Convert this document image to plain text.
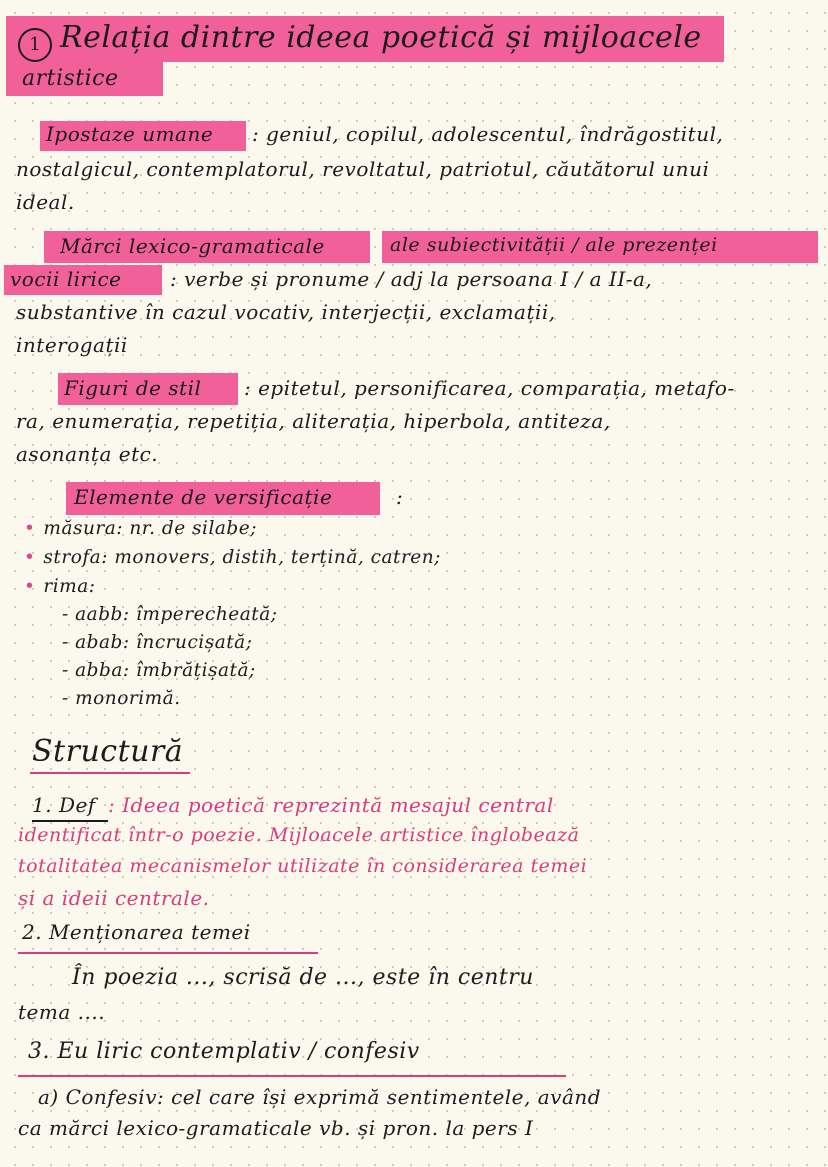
1 Relația dintre ideea poetică și mijloacele
artistice
Ipostaze umane : geniul, copilul, adolescentul, îndrăgostitul,
nostalgicul, contemplatorul, revoltatul, patriotul, căutătorul unui
ideal.
Mărci lexico-gramaticale	ale subiectivității / ale prezenței
vocii lirice : verbe și pronume / adj la persoana I / a II-a,
substantive în cazul vocativ, interjecții, exclamații,
interogații
Figuri de stil : epitetul, personificarea, comparația, metafo-
ra, enumerația, repetiția, aliterația, hiperbola, antiteza,
asonanța etc.
Elemente de versificație	:
• măsura: nr. de silabe;
• strofa: monovers, distih, terțină, catren;
• rima:
- aabb: împerecheată;
- abab: încrucișată;
- abba: îmbrățișată;
- monorimă.
Structură
1. Def : Ideea poetică reprezintă mesajul central
identificat într-o poezie. Mijloacele artistice înglobează
totalitatea mecanismelor utilizate în considerarea temei
și a ideii centrale.
2. Menționarea temei
În poezia ..., scrisă de ..., este în centru
tema ....
3. Eu liric contemplativ / confesiv
a) Confesiv: cel care își exprimă sentimentele, având
ca mărci lexico-gramaticale vb. și pron. la pers I
